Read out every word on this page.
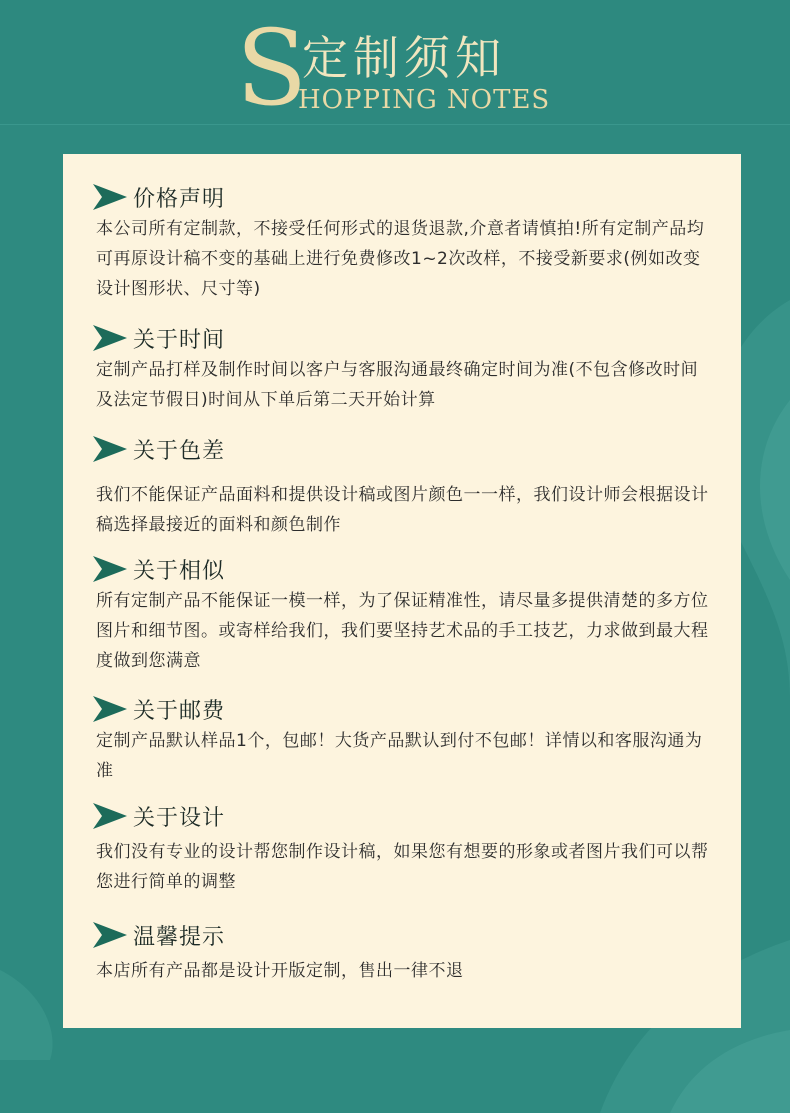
S
定制须知
HOPPING NOTES
价格声明

本公司所有定制款，不接受任何形式的退货退款,介意者请慎拍!所有定制产品均可再原设计稿不变的基础上进行免费修改1~2次改样，不接受新要求(例如改变设计图形状、尺寸等)

关于时间

定制产品打样及制作时间以客户与客服沟通最终确定时间为准(不包含修改时间及法定节假日)时间从下单后第二天开始计算

关于色差

我们不能保证产品面料和提供设计稿或图片颜色一一样，我们设计师会根据设计稿选择最接近的面料和颜色制作

关于相似

所有定制产品不能保证一模一样，为了保证精准性，请尽量多提供清楚的多方位图片和细节图。或寄样给我们，我们要坚持艺术品的手工技艺，力求做到最大程度做到您满意

关于邮费

定制产品默认样品1个，包邮！大货产品默认到付不包邮！详情以和客服沟通为准

关于设计

我们没有专业的设计帮您制作设计稿，如果您有想要的形象或者图片我们可以帮您进行简单的调整

温馨提示

本店所有产品都是设计开版定制，售出一律不退
